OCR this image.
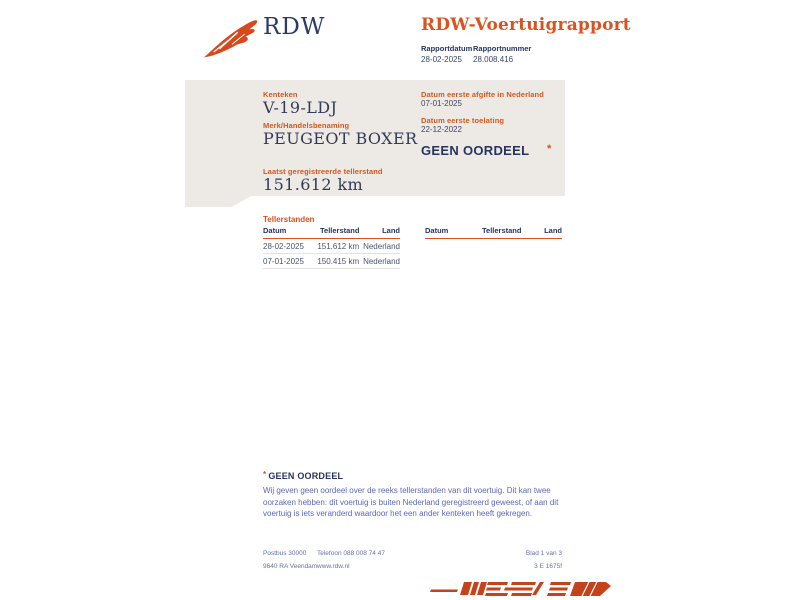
RDW	RDW-Voertuigrapport
Rapportdatum
28-02-2025
Rapportnummer
28.008.416
Kenteken
V-19-LDJ
Merk/Handelsbenaming
PEUGEOT BOXER
Laatst geregistreerde tellerstand
151.612 km
Datum eerste afgifte in Nederland
07-01-2025
Datum eerste toelating
22-12-2022
GEEN OORDEEL *
Tellerstanden
Datum	Tellerstand	Land
28-02-2025	151.612 km Nederland
07-01-2025	150.415 km Nederland
Datum	Tellerstand	Land
* GEEN OORDEEL
Wij geven geen oordeel over de reeks tellerstanden van dit voertuig. Dit kan twee oorzaken hebben: dit voertuig is buiten Nederland geregistreerd geweest, of aan dit voertuig is iets veranderd waardoor het een ander kenteken heeft gekregen.
Postbus 30000
9640 RA Veendam
Telefoon 088 008 74 47
www.rdw.nl
Blad 1 van 3
3 E 1675f
